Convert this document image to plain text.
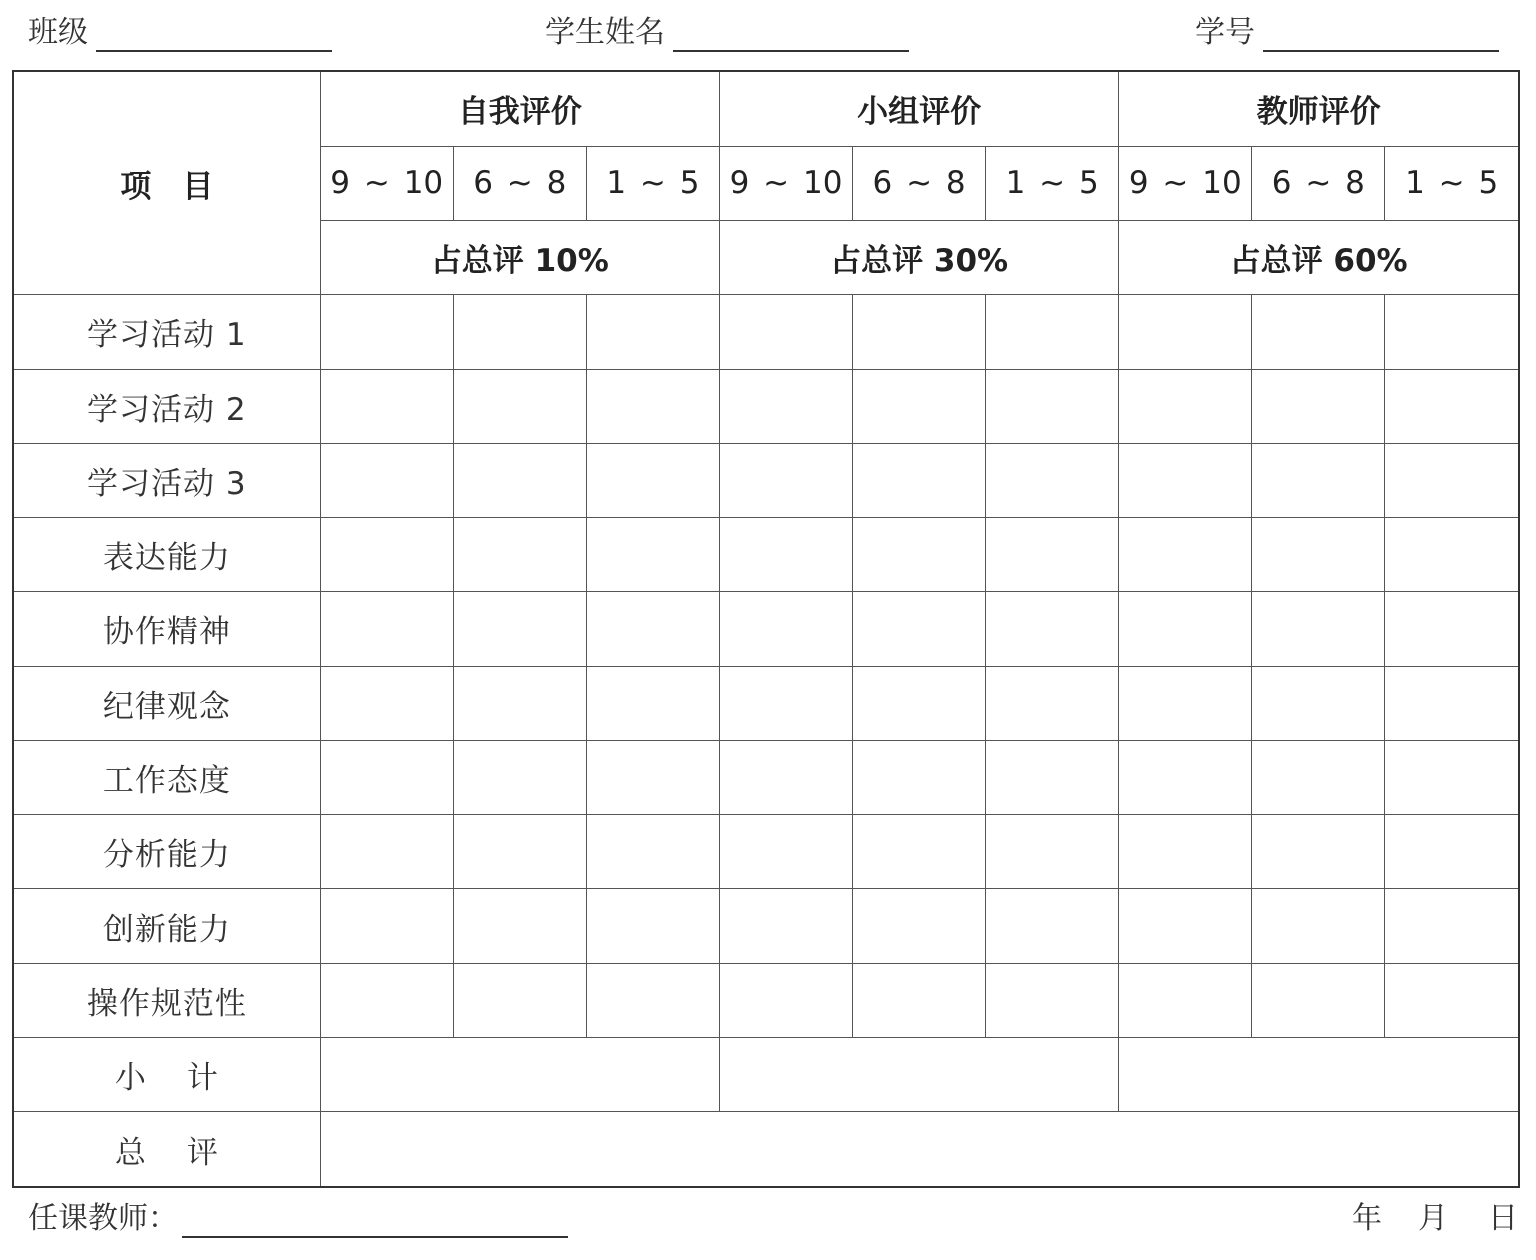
班级	学生姓名	学号
项　目	自我评价			小组评价			教师评价		
	9 ~ 10	6 ~ 8	1 ~ 5	9 ~ 10	6 ~ 8	1 ~ 5	9 ~ 10	6 ~ 8	1 ~ 5
	占总评 10%			占总评 30%			占总评 60%		
学习活动 1									
学习活动 2									
学习活动 3									
表达能力									
协作精神									
纪律观念									
工作态度									
分析能力									
创新能力									
操作规范性									
小 计									
总 评									
任课教师：	年 月 日
